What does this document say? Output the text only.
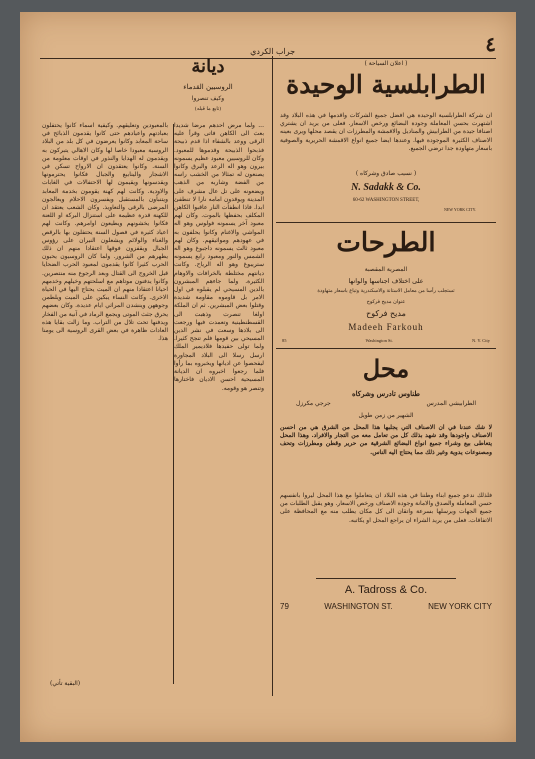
٤
جراب الكردي
( اعلان السياحة )
الطرابلسية الوحيدة
ان شركة الطرابلسية الوحيدة هي افضل جميع الشركات واقدمها في هذه البلاد وقد اشتهرت بحسن المعاملة وجودة البضائع ورخص الاسعار. فعلى من يريد ان يشتري اصنافا جيدة من الطرابيش والمناديل والاقمشة والمطرزات ان يقصد محلها ويرى بعينه الاصناف الكثيرة الموجودة فيها. وعندها ايضا جميع انواع الاقمشة الحريرية والصوفية باسعار متهاودة جدا ترضي الجميع.
( نسيب صادق وشركاه )
N. Sadakk & Co.
60-62 WASHINGTON STREET,
NEW YORK CITY.
الطرحات
المصرية المقصبة
على اختلاف اجناسها والوانها
تستجلب رأسا من معامل الاستانة والاسكندرية وتباع باسعار متهاودة
عنوان مديح فركوح
مديح فركوح
Madeeh Farkouh
85	Washington St.	N. Y. City
محل
طناوس تادرس وشركاه
الطرابيشي المدرس
جرجي مكرزل
الشهير من زمن طويل
لا شك عندنا في ان الاصناف التي يجلبها هذا المحل من الشرق هي من احسن الاصناف واجودها وقد شهد بذلك كل من تعامل معه من التجار والافراد. وهذا المحل يتعاطى بيع وشراء جميع انواع البضائع الشرقية من حرير وقطن ومطرزات وتحف ومصنوعات يدوية وغير ذلك مما يحتاج اليه الناس.
فلذلك ندعو جميع ابناء وطننا في هذه البلاد ان يتعاملوا مع هذا المحل ليروا بانفسهم حسن المعاملة والصدق والامانة وجودة الاصناف ورخص الاسعار. وهو يقبل الطلبات من جميع الجهات ويرسلها بسرعة واتقان الى كل مكان يطلب منه مع المحافظة على الاتفاقات. فعلى من يريد الشراء ان يراجع المحل او يكاتبه.
A. Tadross & Co.
79	WASHINGTON ST.	NEW YORK CITY
ديانة
الروسيين القدماء
وكيف تنصروا
(تابع ما قبله)
... ولما مرض احدهم مرضا شديدا بعث الى الكاهن فاتى وقرأ عليه الرقى ووعد بالشفاء اذا قدم ذبيحة فذبحوا الذبيحة وقدموها للمعبود. وكان للروسيين معبود عظيم يسمونه بيرون وهو اله الرعد والبرق وكانوا يصنعون له تمثالا من الخشب راسه من الفضة وشاربه من الذهب ويضعونه على تل عال مشرف على المدينة ويوقدون امامه نارا لا تنطفئ ابدا. فاذا انطفأت النار عاقبوا الكاهن المكلف بحفظها بالموت. وكان لهم معبود آخر يسمونه فولوس وهو اله المواشي والاغنام وكانوا يحلفون به في عهودهم ومواثيقهم. وكان لهم معبود ثالث يسمونه داجبوغ وهو اله الشمس والنور ومعبود رابع يسمونه ستريبوغ وهو اله الرياح. وكانت ديانتهم مختلطة بالخرافات والاوهام الكثيرة. ولما جاءهم المبشرون بالدين المسيحي لم يقبلوه في اول الامر بل قاوموه مقاومة شديدة وقتلوا بعض المبشرين. ثم ان الملكة اولغا تنصرت وذهبت الى القسطنطينية وتعمدت فيها ورجعت الى بلادها وسعت في نشر الدين المسيحي بين قومها فلم تنجح كثيرا. ولما تولى حفيدها فلاديمير الملك ارسل رسلا الى البلاد المجاورة ليفحصوا عن اديانها ويخبروه بما رأوا فلما رجعوا اخبروه ان الديانة المسيحية احسن الاديان فاختارها وتنصر هو وقومه.
بالمعبودين وتعليقهم. وكيفية اسماء كانوا يحتفلون بعبادتهم واعيادهم حتى كانوا يقدمون الذبائح في ساحة المعابد وكانوا يعرضون في كل بلد من البلاد الروسية معبودا خاصا لها وكان الاهالي يتبركون به ويقدمون له الهدايا والنذور في اوقات معلومة من السنة. وكانوا يعتقدون ان الارواح تسكن في الاشجار والينابيع والجبال فكانوا يحترمونها ويقدسونها ويقيمون لها الاحتفالات في الغابات والاودية. وكانت لهم كهنة يقومون بخدمة المعابد ويتنبأون بالمستقبل ويفسرون الاحلام ويعالجون المرضى بالرقى والتعاويذ. وكان الشعب يعتقد ان للكهنة قدرة عظيمة على استنزال البركة او اللعنة فكانوا يخشونهم ويطيعون اوامرهم. وكانت لهم اعياد كثيرة في فصول السنة يحتفلون بها بالرقص والغناء والولائم ويشعلون النيران على رؤوس الجبال ويقفزون فوقها اعتقادا منهم ان ذلك يطهرهم من الشرور. ولما كان الروسيون يحبون الحرب كثيرا كانوا يقدمون لمعبود الحرب الضحايا قبل الخروج الى القتال وبعد الرجوع منه منتصرين. وكانوا يدفنون موتاهم مع اسلحتهم وخيلهم وخدمهم احيانا اعتقادا منهم ان الميت يحتاج اليها في الحياة الاخرى. وكانت النساء يبكين على الميت ويلطمن وجوههن وينشدن المراثي ايام عديدة. وكان بعضهم يحرق جثث الموتى ويجمع الرماد في آنية من الفخار ويدفنها تحت تلال من التراب. وما زالت بقايا هذه العادات ظاهرة في بعض القرى الروسية الى يومنا هذا.
(البقية تأتي)
